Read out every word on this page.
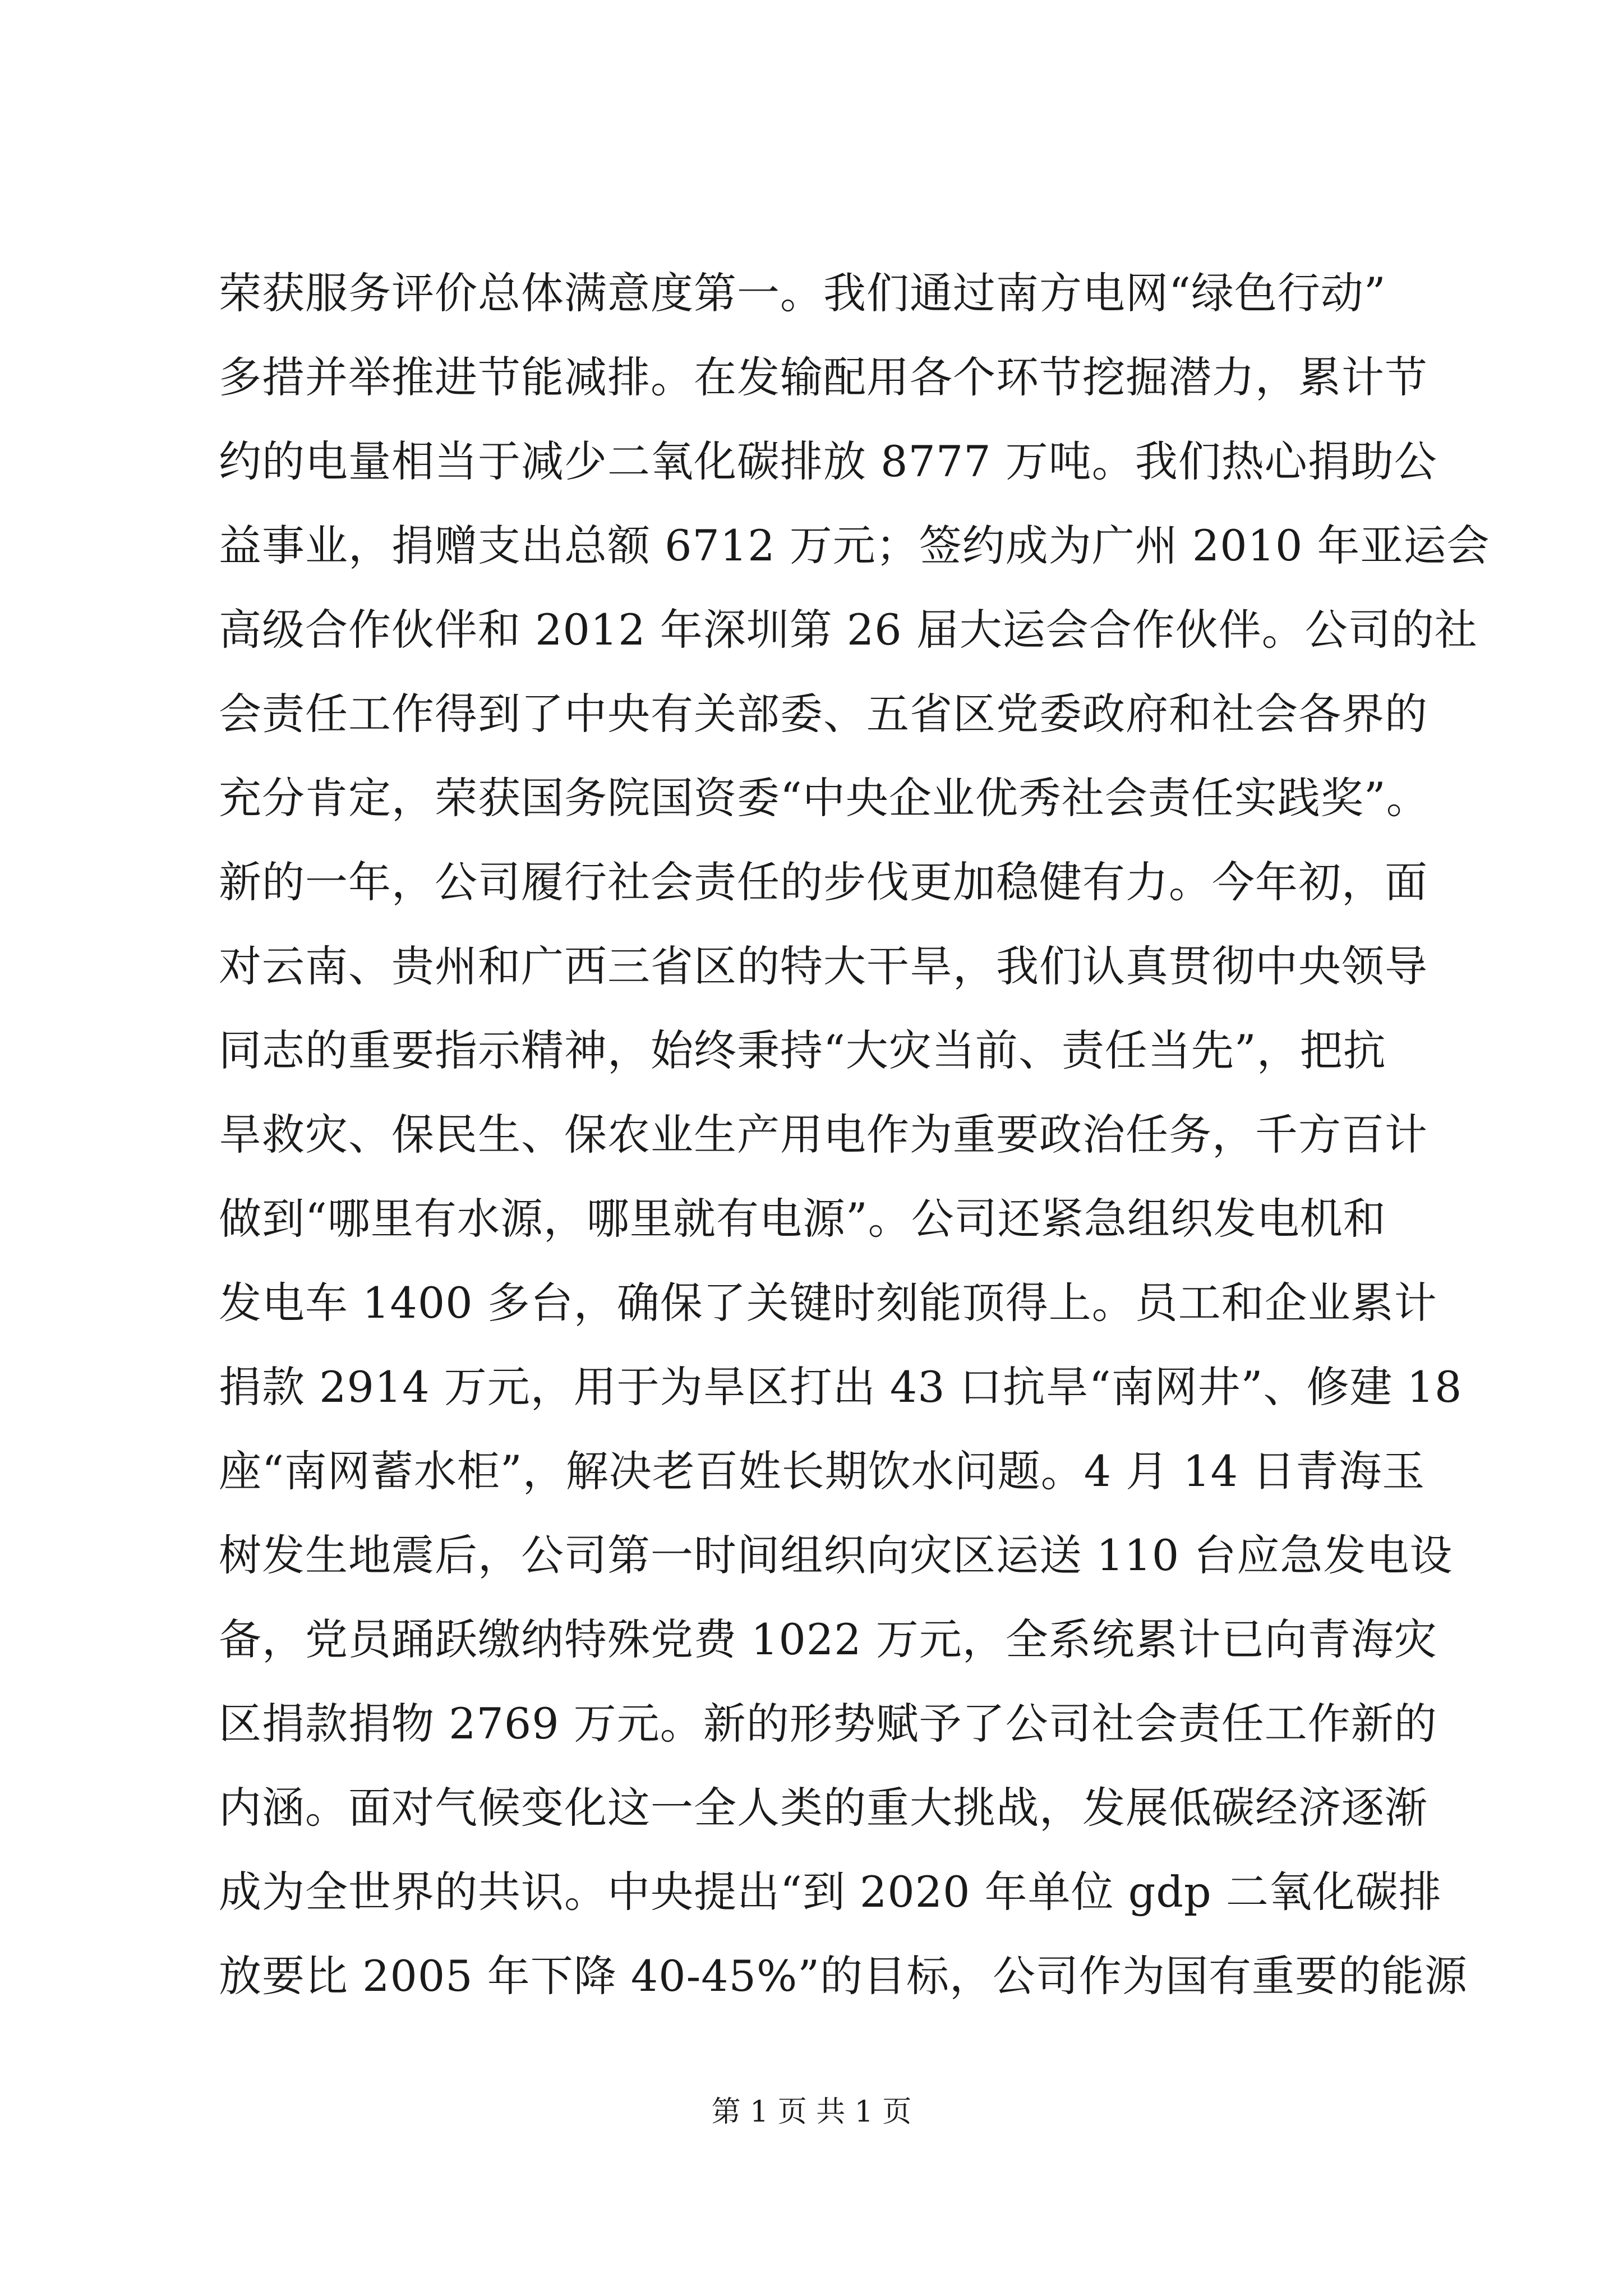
荣获服务评价总体满意度第一。我们通过南方电网“绿色行动”
多措并举推进节能减排。在发输配用各个环节挖掘潜力，累计节
约的电量相当于减少二氧化碳排放 8777 万吨。我们热心捐助公
益事业，捐赠支出总额 6712 万元；签约成为广州 2010 年亚运会
高级合作伙伴和 2012 年深圳第 26 届大运会合作伙伴。公司的社
会责任工作得到了中央有关部委、五省区党委政府和社会各界的
充分肯定，荣获国务院国资委“中央企业优秀社会责任实践奖”。
新的一年，公司履行社会责任的步伐更加稳健有力。今年初，面
对云南、贵州和广西三省区的特大干旱，我们认真贯彻中央领导
同志的重要指示精神，始终秉持“大灾当前、责任当先”，把抗
旱救灾、保民生、保农业生产用电作为重要政治任务，千方百计
做到“哪里有水源，哪里就有电源”。公司还紧急组织发电机和
发电车 1400 多台，确保了关键时刻能顶得上。员工和企业累计
捐款 2914 万元，用于为旱区打出 43 口抗旱“南网井”、修建 18
座“南网蓄水柜”，解决老百姓长期饮水问题。4 月 14 日青海玉
树发生地震后，公司第一时间组织向灾区运送 110 台应急发电设
备，党员踊跃缴纳特殊党费 1022 万元，全系统累计已向青海灾
区捐款捐物 2769 万元。新的形势赋予了公司社会责任工作新的
内涵。面对气候变化这一全人类的重大挑战，发展低碳经济逐渐
成为全世界的共识。中央提出“到 2020 年单位 gdp 二氧化碳排
放要比 2005 年下降 40-45%”的目标，公司作为国有重要的能源
第 1 页 共 1 页
